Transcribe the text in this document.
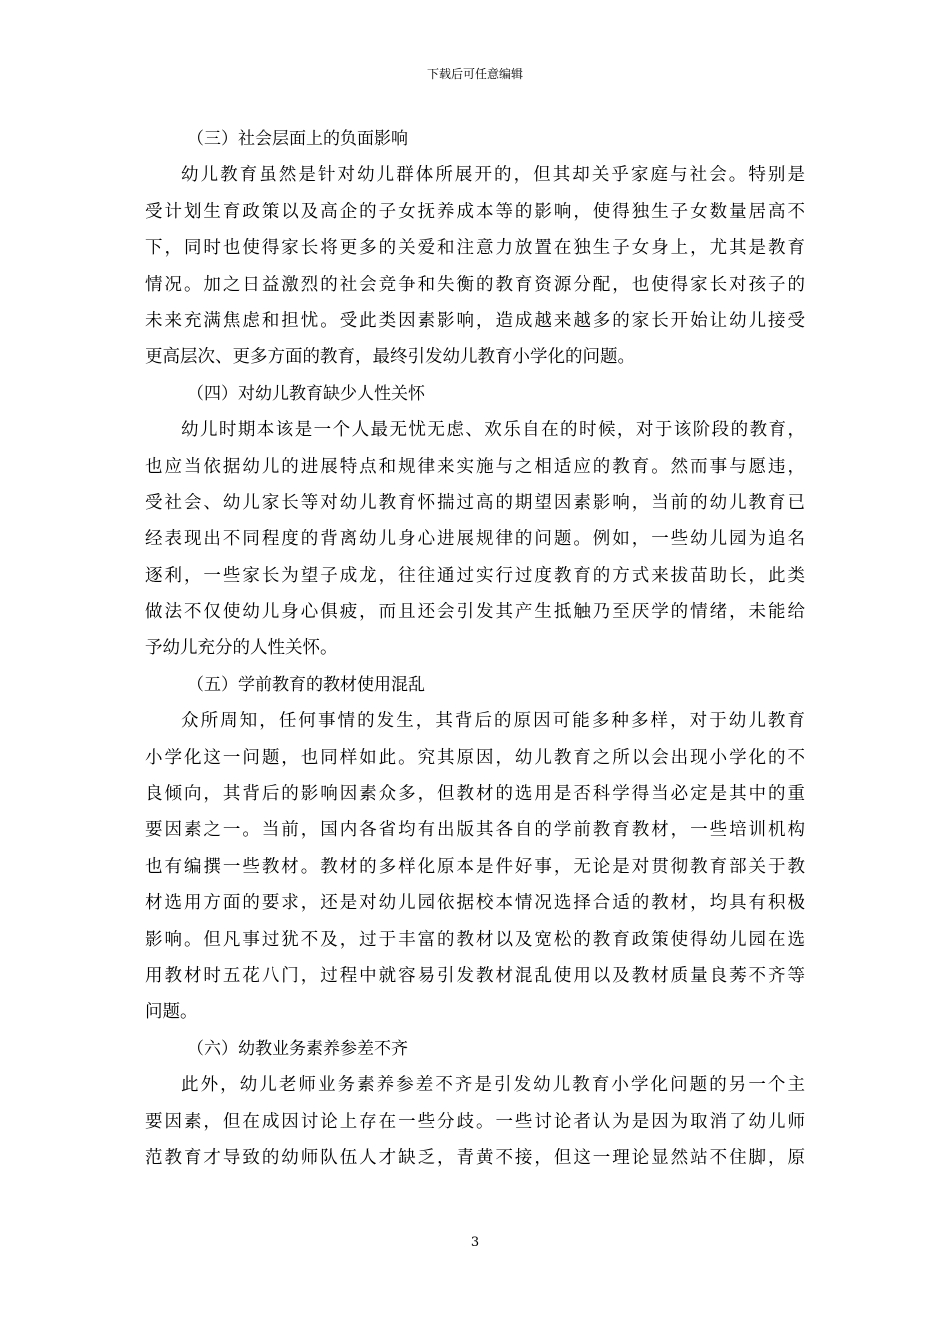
下载后可任意编辑

（三）社会层面上的负面影响

幼儿教育虽然是针对幼儿群体所展开的，但其却关乎家庭与社会。特别是

受计划生育政策以及高企的子女抚养成本等的影响，使得独生子女数量居高不

下，同时也使得家长将更多的关爱和注意力放置在独生子女身上，尤其是教育

情况。加之日益激烈的社会竞争和失衡的教育资源分配，也使得家长对孩子的

未来充满焦虑和担忧。受此类因素影响，造成越来越多的家长开始让幼儿接受

更高层次、更多方面的教育，最终引发幼儿教育小学化的问题。

（四）对幼儿教育缺少人性关怀

幼儿时期本该是一个人最无忧无虑、欢乐自在的时候，对于该阶段的教育，

也应当依据幼儿的进展特点和规律来实施与之相适应的教育。然而事与愿违，

受社会、幼儿家长等对幼儿教育怀揣过高的期望因素影响，当前的幼儿教育已

经表现出不同程度的背离幼儿身心进展规律的问题。例如，一些幼儿园为追名

逐利，一些家长为望子成龙，往往通过实行过度教育的方式来拔苗助长，此类

做法不仅使幼儿身心俱疲，而且还会引发其产生抵触乃至厌学的情绪，未能给

予幼儿充分的人性关怀。

（五）学前教育的教材使用混乱

众所周知，任何事情的发生，其背后的原因可能多种多样，对于幼儿教育

小学化这一问题，也同样如此。究其原因，幼儿教育之所以会出现小学化的不

良倾向，其背后的影响因素众多，但教材的选用是否科学得当必定是其中的重

要因素之一。当前，国内各省均有出版其各自的学前教育教材，一些培训机构

也有编撰一些教材。教材的多样化原本是件好事，无论是对贯彻教育部关于教

材选用方面的要求，还是对幼儿园依据校本情况选择合适的教材，均具有积极

影响。但凡事过犹不及，过于丰富的教材以及宽松的教育政策使得幼儿园在选

用教材时五花八门，过程中就容易引发教材混乱使用以及教材质量良莠不齐等

问题。

（六）幼教业务素养参差不齐

此外，幼儿老师业务素养参差不齐是引发幼儿教育小学化问题的另一个主

要因素，但在成因讨论上存在一些分歧。一些讨论者认为是因为取消了幼儿师

范教育才导致的幼师队伍人才缺乏，青黄不接，但这一理论显然站不住脚，原

3
